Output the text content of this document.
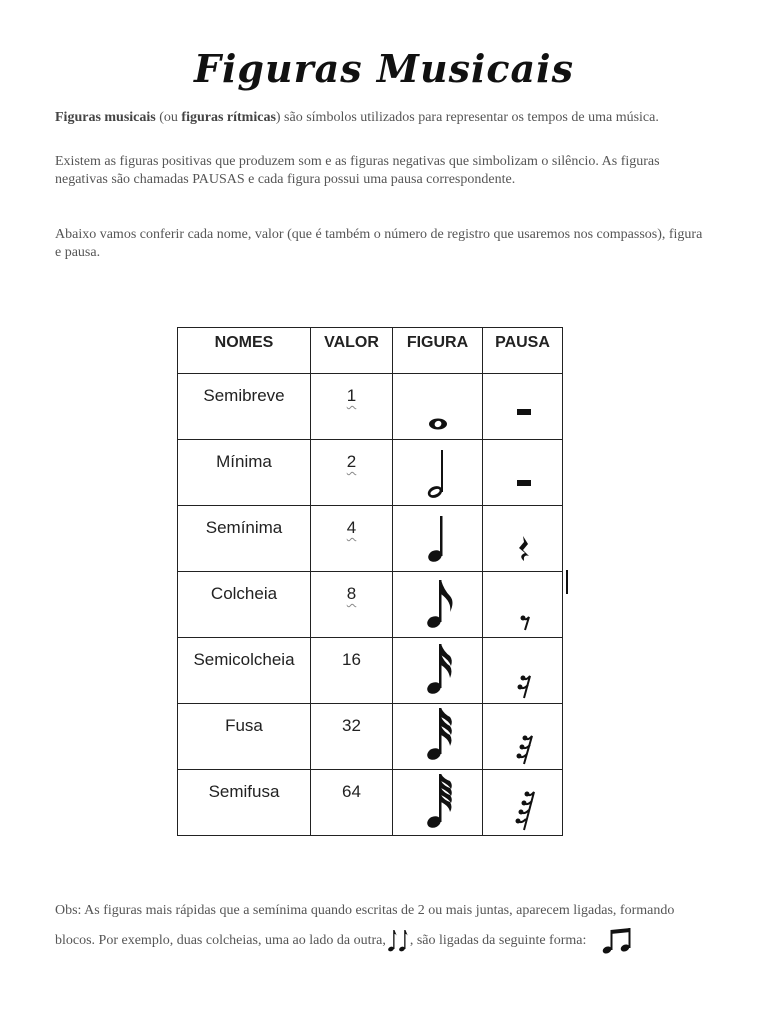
Figuras Musicais
Figuras musicais (ou figuras rítmicas) são símbolos utilizados para representar os tempos de uma música.
Existem as figuras positivas que produzem som e as figuras negativas que simbolizam o silêncio. As figuras negativas são chamadas PAUSAS e cada figura possui uma pausa correspondente.
Abaixo vamos conferir cada nome, valor (que é também o número de registro que usaremos nos compassos), figura e pausa.
NOMES	VALOR	FIGURA	PAUSA

Semibreve	1

Mínima	2

Semínima	4

Colcheia	8

Semicolcheia	16

Fusa	32

Semifusa	64

Obs: As figuras mais rápidas que a semínima quando escritas de 2 ou mais juntas, aparecem ligadas, formando blocos. Por exemplo, duas colcheias, uma ao lado da outra, , são ligadas da seguinte forma:
